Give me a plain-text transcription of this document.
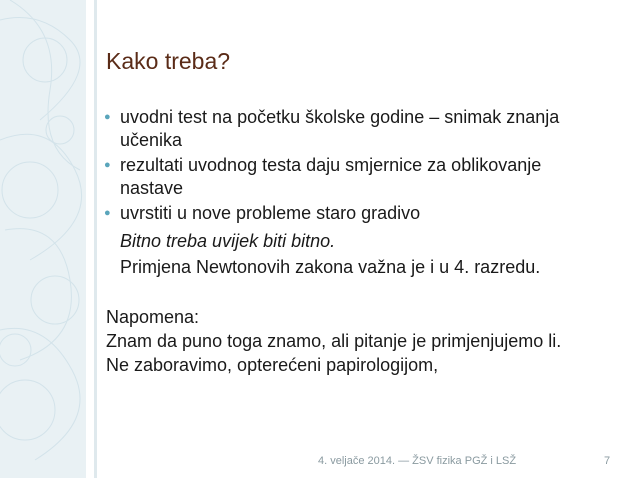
Kako treba?
● uvodni test na početku školske godine – snimak znanja učenika
● rezultati uvodnog testa daju smjernice za oblikovanje nastave
● uvrstiti u nove probleme staro gradivo
Bitno treba uvijek biti bitno.
Primjena Newtonovih zakona važna je i u 4. razredu.
Napomena:
Znam da puno toga znamo, ali pitanje je primjenjujemo li.
Ne zaboravimo, opterećeni papirologijom,
4. veljače 2014. — ŽSV fizika PGŽ i LSŽ	7
